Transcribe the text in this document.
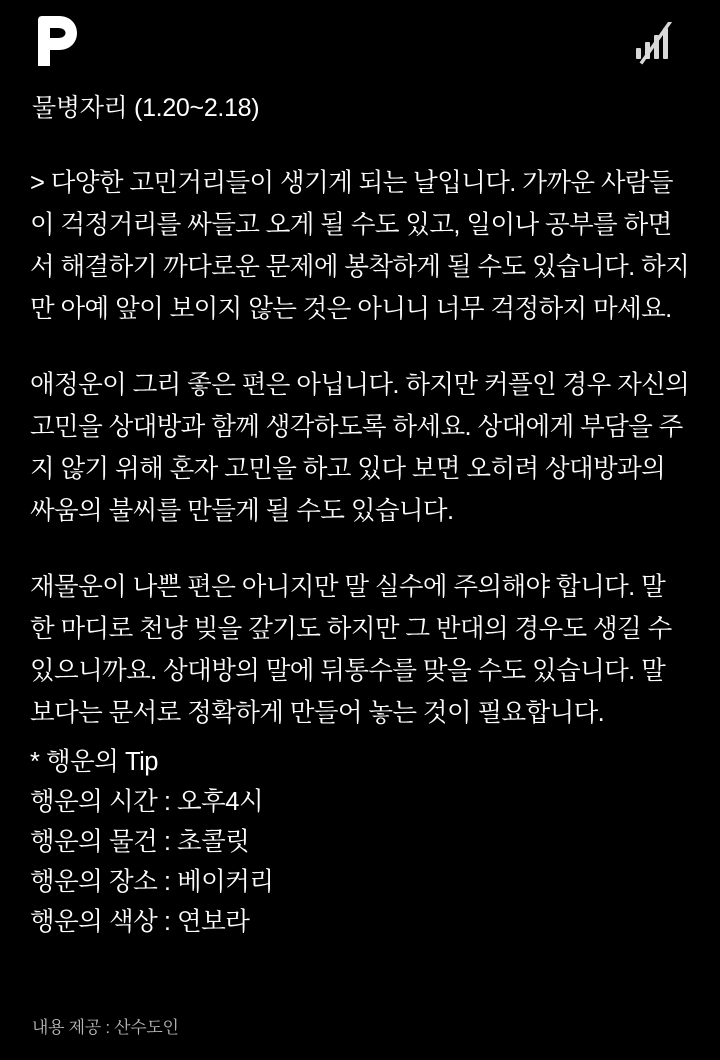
물병자리 (1.20~2.18)

> 다양한 고민거리들이 생기게 되는 날입니다. 가까운 사람들이 걱정거리를 싸들고 오게 될 수도 있고, 일이나 공부를 하면서 해결하기 까다로운 문제에 봉착하게 될 수도 있습니다. 하지만 아예 앞이 보이지 않는 것은 아니니 너무 걱정하지 마세요.

애정운이 그리 좋은 편은 아닙니다. 하지만 커플인 경우 자신의 고민을 상대방과 함께 생각하도록 하세요. 상대에게 부담을 주지 않기 위해 혼자 고민을 하고 있다 보면 오히려 상대방과의 싸움의 불씨를 만들게 될 수도 있습니다.

재물운이 나쁜 편은 아니지만 말 실수에 주의해야 합니다. 말 한 마디로 천냥 빚을 갚기도 하지만 그 반대의 경우도 생길 수 있으니까요. 상대방의 말에 뒤통수를 맞을 수도 있습니다. 말 보다는 문서로 정확하게 만들어 놓는 것이 필요합니다.

* 행운의 Tip
행운의 시간 : 오후4시
행운의 물건 : 초콜릿
행운의 장소 : 베이커리
행운의 색상 : 연보라
내용 제공 : 산수도인
